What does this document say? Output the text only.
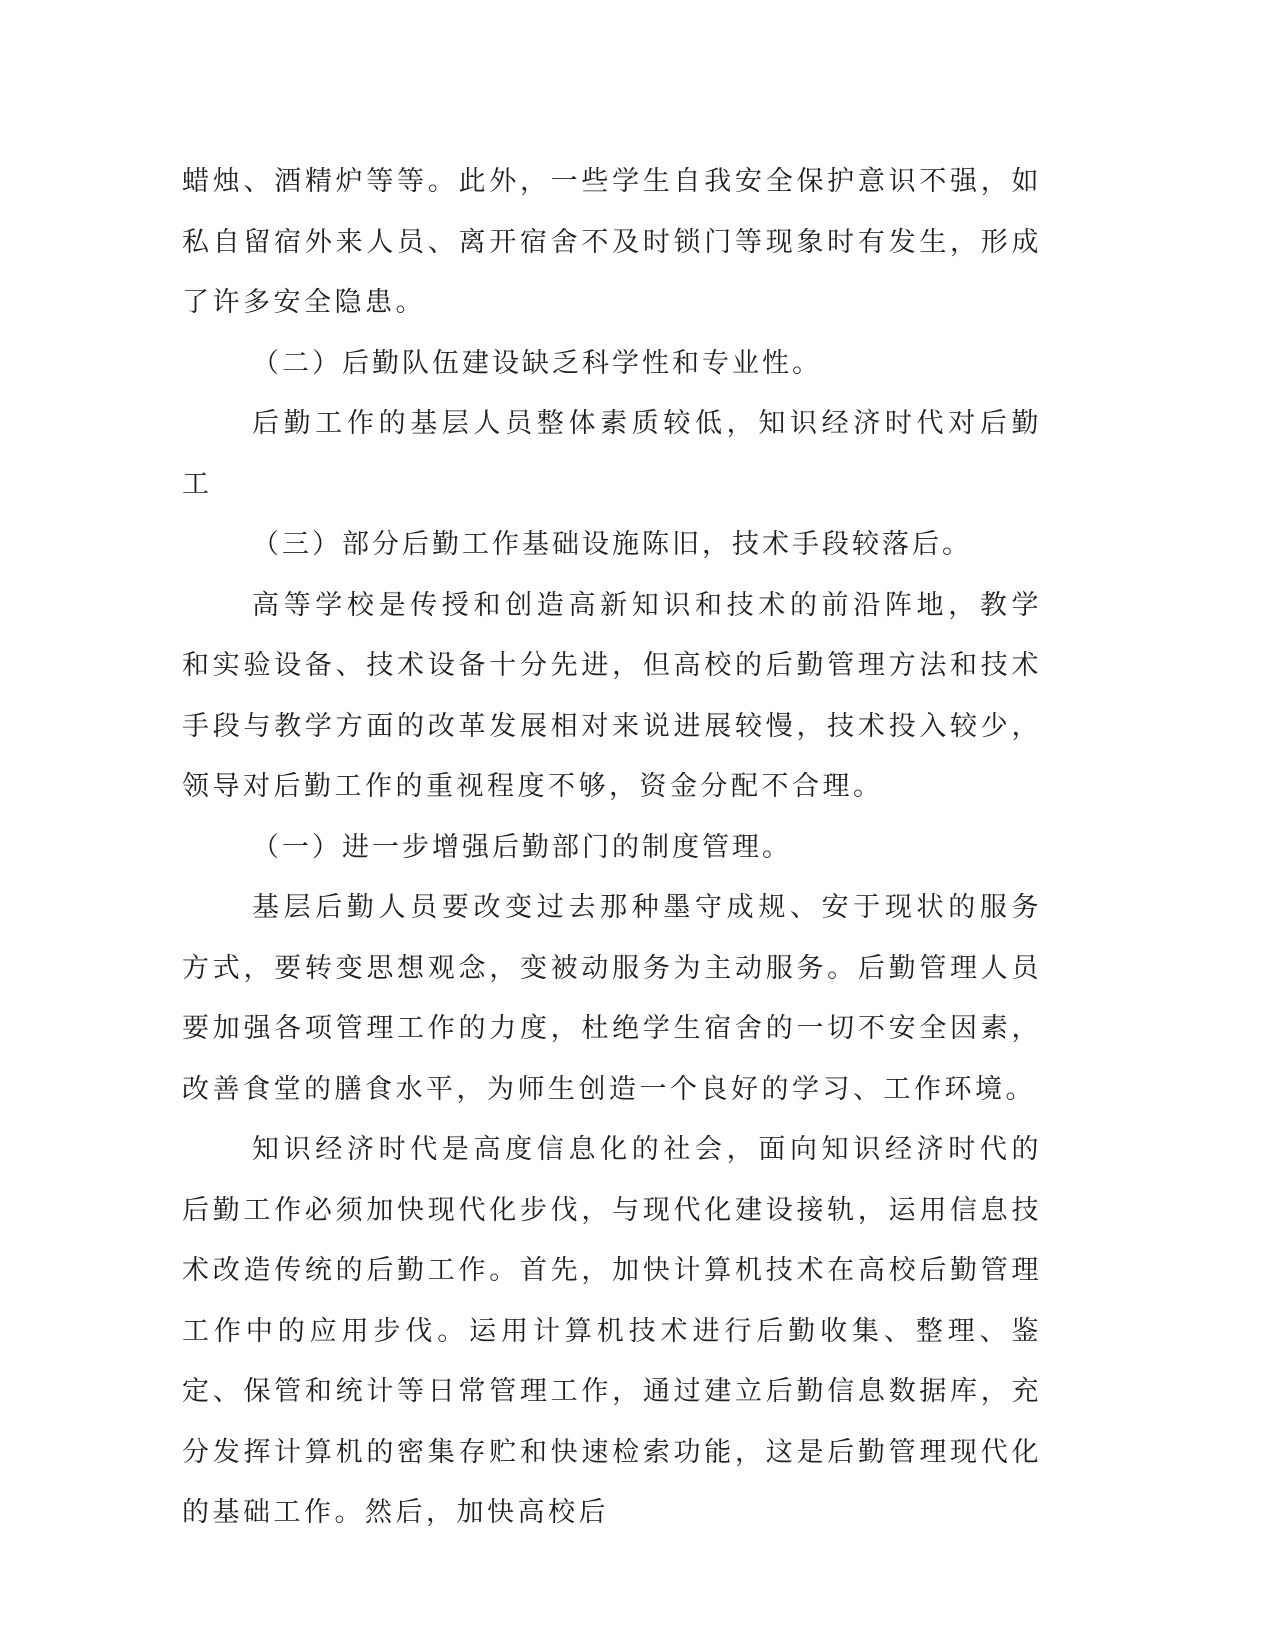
蜡烛、酒精炉等等。此外，一些学生自我安全保护意识不强，如私自留宿外来人员、离开宿舍不及时锁门等现象时有发生，形成了许多安全隐患。

（二）后勤队伍建设缺乏科学性和专业性。

后勤工作的基层人员整体素质较低，知识经济时代对后勤工

（三）部分后勤工作基础设施陈旧，技术手段较落后。

高等学校是传授和创造高新知识和技术的前沿阵地，教学和实验设备、技术设备十分先进，但高校的后勤管理方法和技术手段与教学方面的改革发展相对来说进展较慢，技术投入较少，领导对后勤工作的重视程度不够，资金分配不合理。

（一）进一步增强后勤部门的制度管理。

基层后勤人员要改变过去那种墨守成规、安于现状的服务方式，要转变思想观念，变被动服务为主动服务。后勤管理人员要加强各项管理工作的力度，杜绝学生宿舍的一切不安全因素，改善食堂的膳食水平，为师生创造一个良好的学习、工作环境。

知识经济时代是高度信息化的社会，面向知识经济时代的后勤工作必须加快现代化步伐，与现代化建设接轨，运用信息技术改造传统的后勤工作。首先，加快计算机技术在高校后勤管理工作中的应用步伐。运用计算机技术进行后勤收集、整理、鉴定、保管和统计等日常管理工作，通过建立后勤信息数据库，充分发挥计算机的密集存贮和快速检索功能，这是后勤管理现代化的基础工作。然后，加快高校后
